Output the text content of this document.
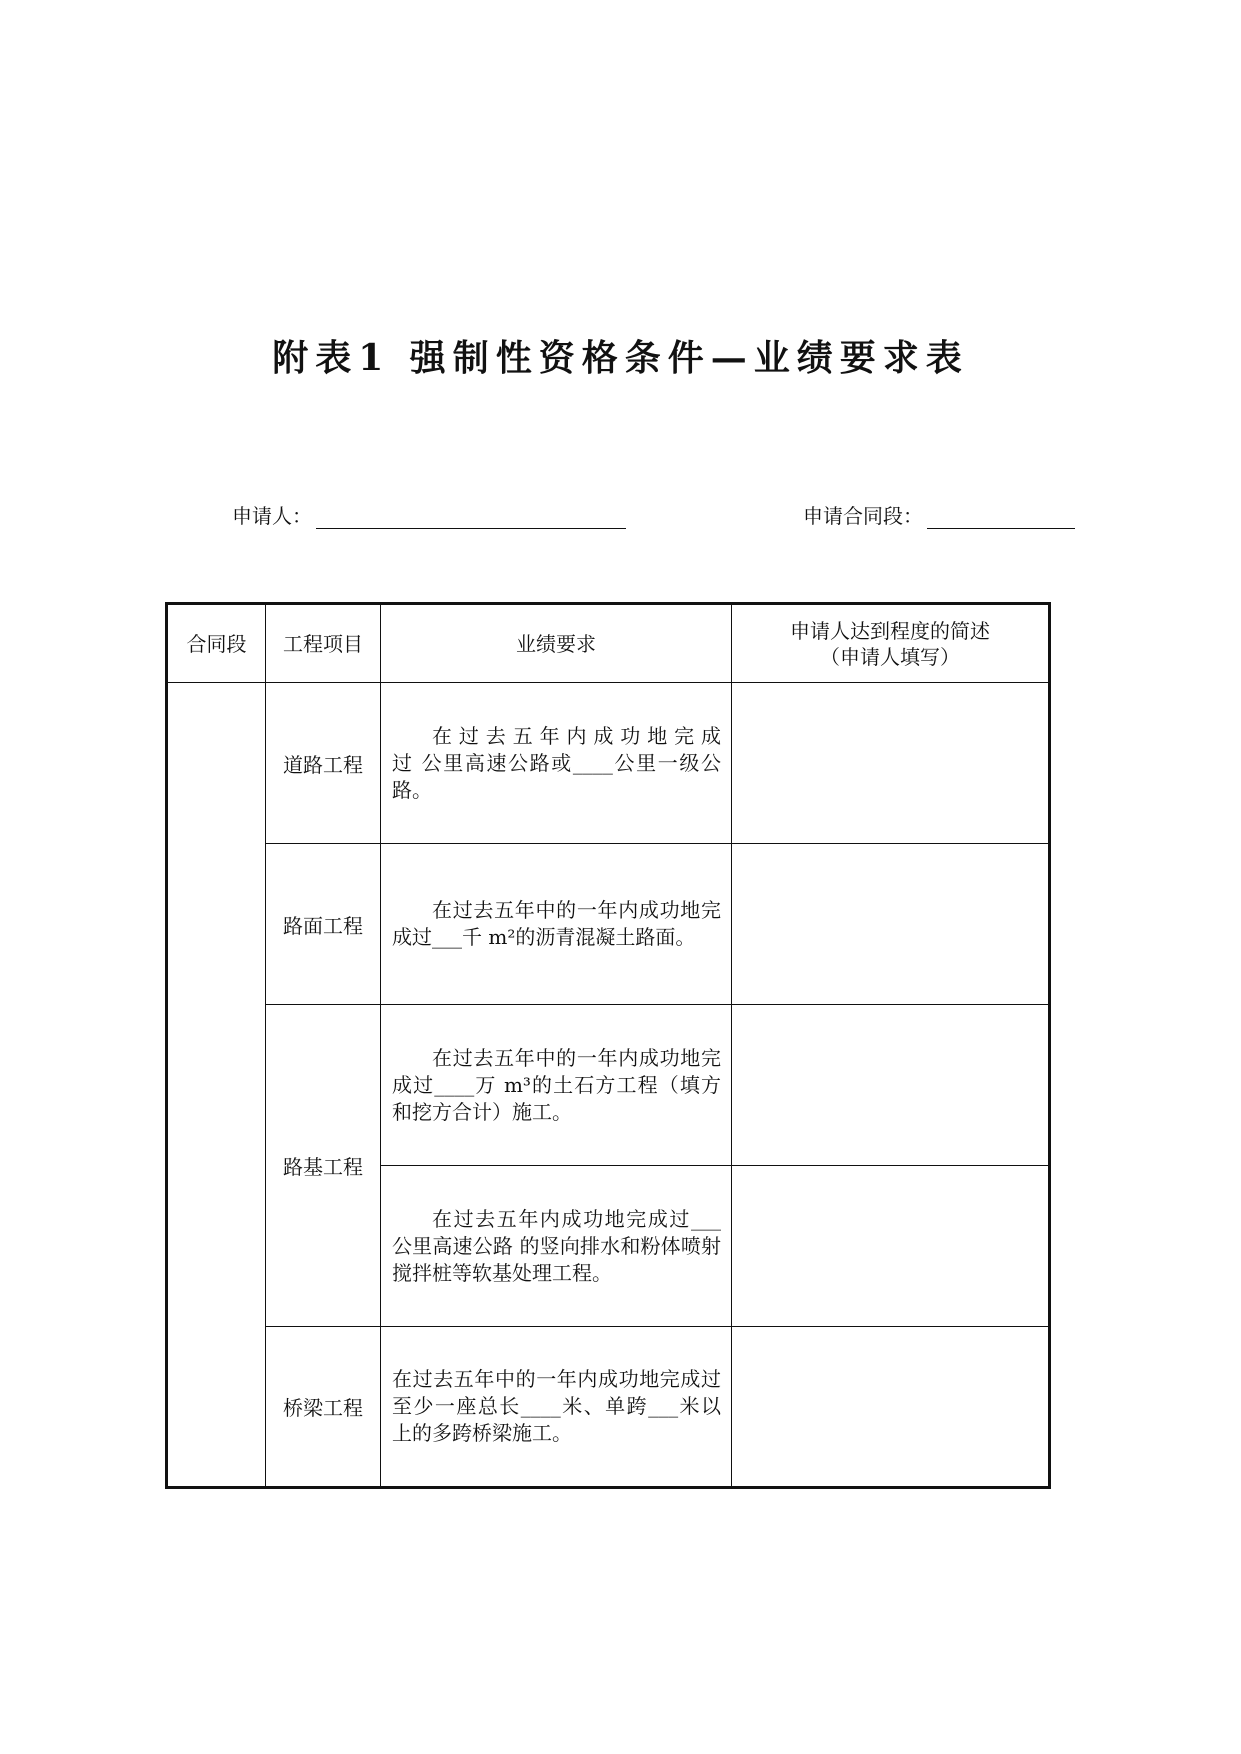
附表1 强制性资格条件—业绩要求表
申请人：	申请合同段：
合同段	工程项目	业绩要求	申请人达到程度的简述
（申请人填写）

	道路工程	在 过 去 五 年 内 成 功 地 完 成 过 公里高速公路或____公里一级公路。	

	路面工程	在过去五年中的一年内成功地完成过___千 m²的沥青混凝土路面。	

	路基工程	在过去五年中的一年内成功地完成过____万 m³的土石方工程（填方和挖方合计）施工。	

		在过去五年内成功地完成过___公里高速公路 的竖向排水和粉体喷射搅拌桩等软基处理工程。	

	桥梁工程	在过去五年中的一年内成功地完成过至少一座总长____米、单跨___米以上的多跨桥梁施工。	
